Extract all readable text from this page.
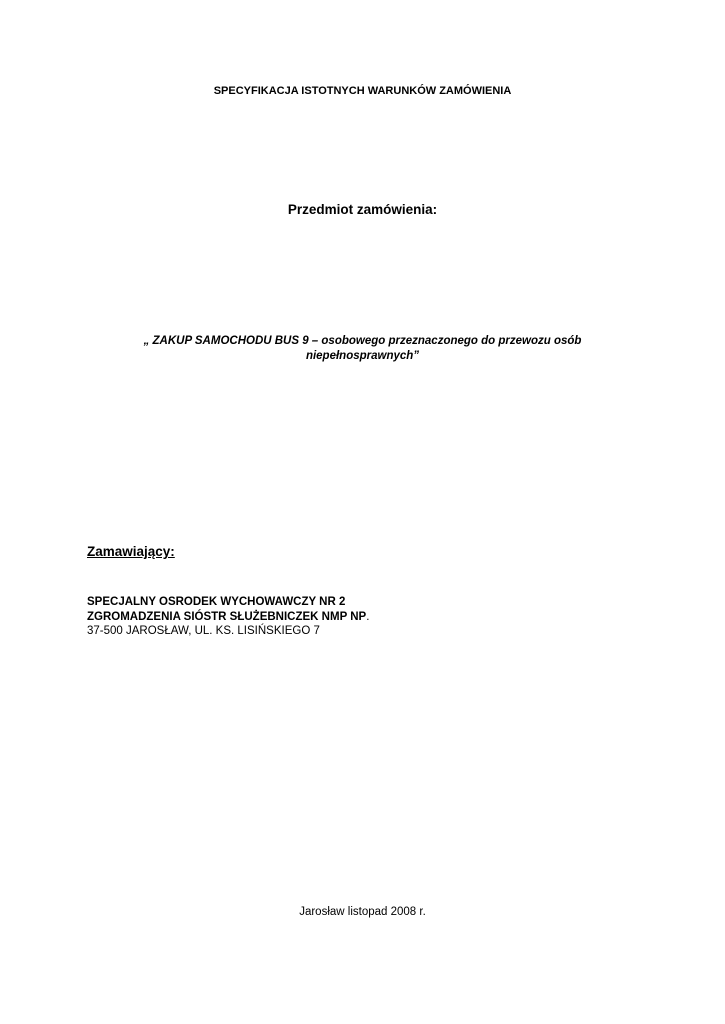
SPECYFIKACJA ISTOTNYCH WARUNKÓW ZAMÓWIENIA
Przedmiot zamówienia:
„ ZAKUP SAMOCHODU BUS 9 – osobowego przeznaczonego do przewozu osób
niepełnosprawnych”
Zamawiający:
SPECJALNY OSRODEK WYCHOWAWCZY NR 2
ZGROMADZENIA SIÓSTR SŁUŻEBNICZEK NMP NP.
37-500 JAROSŁAW, UL. KS. LISIŃSKIEGO 7
Jarosław listopad 2008 r.
